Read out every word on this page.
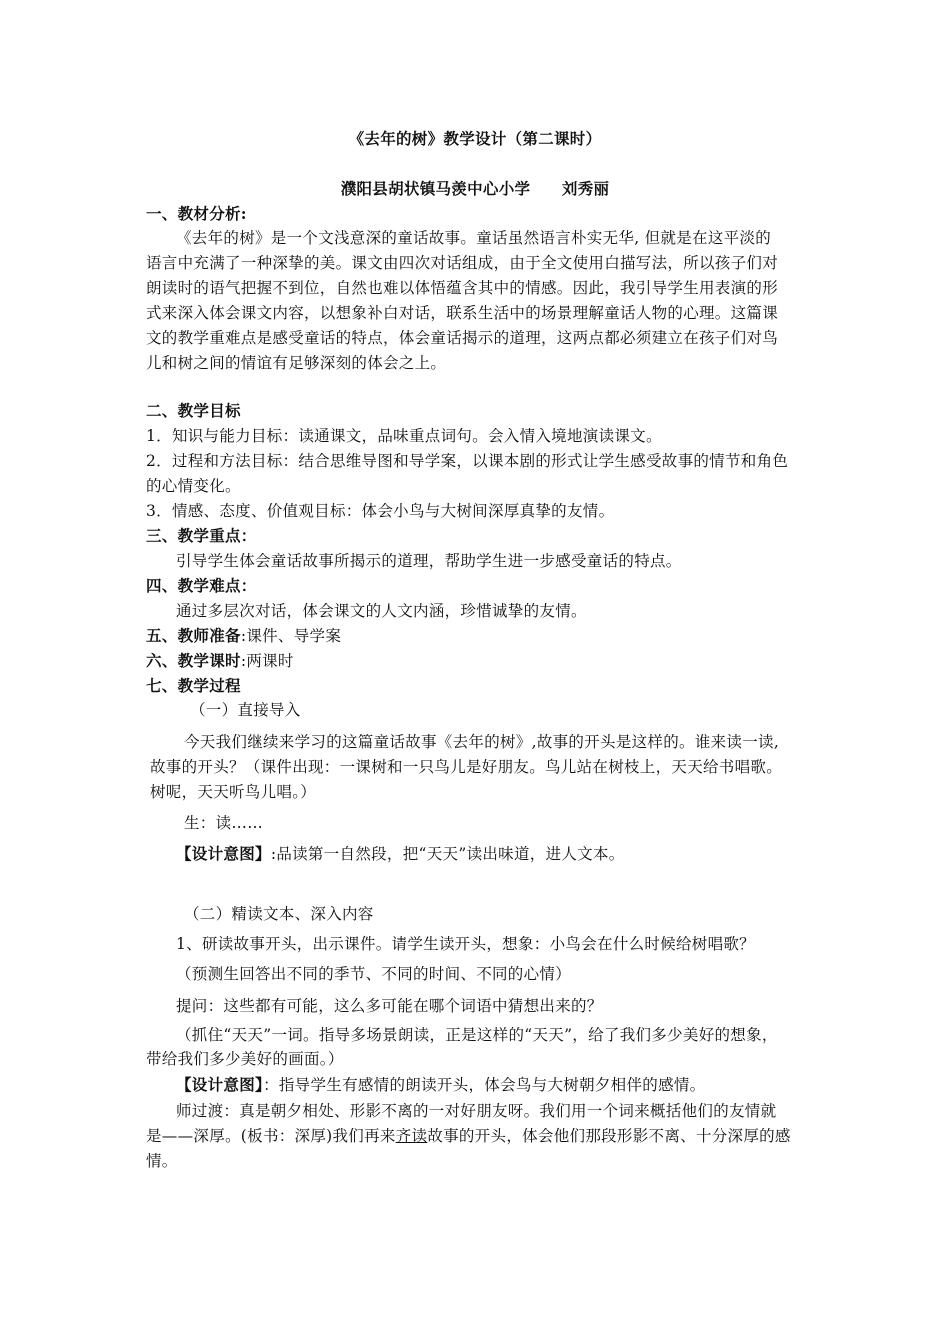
《去年的树》教学设计（第二课时）
濮阳县胡状镇马羡中心小学　　刘秀丽
一、教材分析:
《去年的树》是一个文浅意深的童话故事。童话虽然语言朴实无华, 但就是在这平淡的
语言中充满了一种深挚的美。课文由四次对话组成，由于全文使用白描写法，所以孩子们对
朗读时的语气把握不到位，自然也难以体悟蕴含其中的情感。因此，我引导学生用表演的形
式来深入体会课文内容，以想象补白对话，联系生活中的场景理解童话人物的心理。这篇课
文的教学重难点是感受童话的特点，体会童话揭示的道理，这两点都必须建立在孩子们对鸟
儿和树之间的情谊有足够深刻的体会之上。
二、教学目标
1．知识与能力目标：读通课文，品味重点词句。会入情入境地演读课文。
2．过程和方法目标：结合思维导图和导学案，以课本剧的形式让学生感受故事的情节和角色
的心情变化。
3．情感、态度、价值观目标：体会小鸟与大树间深厚真挚的友情。
三、教学重点：
引导学生体会童话故事所揭示的道理，帮助学生进一步感受童话的特点。
四、教学难点：
通过多层次对话，体会课文的人文内涵，珍惜诚挚的友情。
五、教师准备:课件、导学案
六、教学课时:两课时
七、教学过程
（一）直接导入
今天我们继续来学习的这篇童话故事《去年的树》,故事的开头是这样的。谁来读一读,
故事的开头？（课件出现：一课树和一只鸟儿是好朋友。鸟儿站在树枝上，天天给书唱歌。
树呢，天天听鸟儿唱。）
生：读……
【设计意图】:品读第一自然段，把“天天”读出味道，进人文本。
（二）精读文本、深入内容
1、研读故事开头，出示课件。请学生读开头，想象：小鸟会在什么时候给树唱歌？
（预测生回答出不同的季节、不同的时间、不同的心情）
提问：这些都有可能，这么多可能在哪个词语中猜想出来的？
（抓住“天天”一词。指导多场景朗读，正是这样的“天天”，给了我们多少美好的想象，
带给我们多少美好的画面。）
【设计意图】：指导学生有感情的朗读开头，体会鸟与大树朝夕相伴的感情。
师过渡：真是朝夕相处、形影不离的一对好朋友呀。我们用一个词来概括他们的友情就
是——深厚。(板书：深厚)我们再来齐读故事的开头，体会他们那段形影不离、十分深厚的感
情。
